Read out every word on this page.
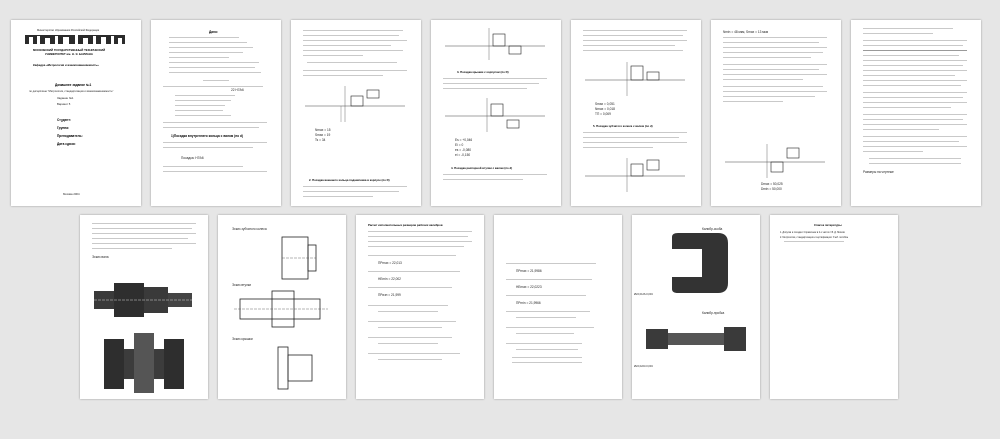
Министерство образования Российской Федерации
МОСКОВСКИЙ ГОСУДАРСТВЕННЫЙ ТЕХНИЧЕСКИЙ
УНИВЕРСИТЕТ им. Н. Э. БАУМАНА
Кафедра «Метрология и взаимозаменяемость»
Домашнее задание №1
по дисциплине "Метрология, стандартизация и взаимозаменяемость"
Задание №1
Вариант 5
Студент:
Группа:
Преподаватель:
Дата сдачи:
Москва 2004
Дано:
22 H7/k6
1)Посадка внутреннего кольца с валом (по d)
Посадка: Н7/k6
Nmax = 15
Smax = 19
Ts = 34
2. Посадка внешнего кольца подшипника в корпусе (по D)
3. Посадка крышки с корпусом (по D)
Es = +0,046
Ei = 0
es = -0,080
ei = -0,150
4. Посадка распорной втулки с валом (по d)
Smax = 0,051
Nmax = 0,018
TП = 0,069
5. Посадка зубчатого колеса с валом (по d)
Nmin = 48 мкм, Smax = 13 мкм
Dmax = 50,025
Dmin = 50,000
Размеры на чертеже
Эскиз вала
Эскиз зубчатого колеса
Эскиз втулки
Эскиз крышки
Расчет исполнительных размеров рабочих калибров
ПРmax = 22,013
НЕmin = 22,002
ПРизн = 21,999
ПРmax = 21,9986
НЕmax = 22,0223
ПРmin = 21,9966
Калибр-скоба
Ø22,0126-0,004
Калибр-пробка
Ø22,0223-0,004
Список литературы
1. Допуски и посадки: Справочник в 2-х частях / В. Д. Мягков
2. Метрология, стандартизация и сертификация: Учеб. пособие
